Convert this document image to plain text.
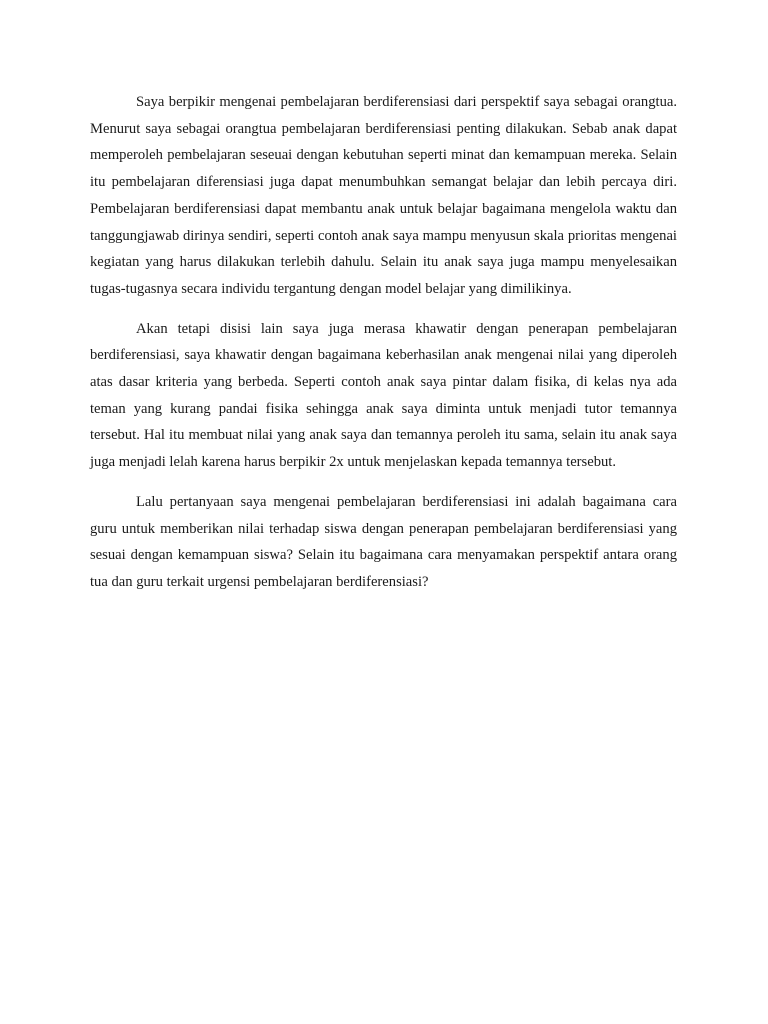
Saya berpikir mengenai pembelajaran berdiferensiasi dari perspektif saya sebagai orangtua. Menurut saya sebagai orangtua pembelajaran berdiferensiasi penting dilakukan. Sebab anak dapat memperoleh pembelajaran seseuai dengan kebutuhan seperti minat dan kemampuan mereka. Selain itu pembelajaran diferensiasi juga dapat menumbuhkan semangat belajar dan lebih percaya diri. Pembelajaran berdiferensiasi dapat membantu anak untuk belajar bagaimana mengelola waktu dan tanggungjawab dirinya sendiri, seperti contoh anak saya mampu menyusun skala prioritas mengenai kegiatan yang harus dilakukan terlebih dahulu. Selain itu anak saya juga mampu menyelesaikan tugas-tugasnya secara individu tergantung dengan model belajar yang dimilikinya.

Akan tetapi disisi lain saya juga merasa khawatir dengan penerapan pembelajaran berdiferensiasi, saya khawatir dengan bagaimana keberhasilan anak mengenai nilai yang diperoleh atas dasar kriteria yang berbeda. Seperti contoh anak saya pintar dalam fisika, di kelas nya ada teman yang kurang pandai fisika sehingga anak saya diminta untuk menjadi tutor temannya tersebut. Hal itu membuat nilai yang anak saya dan temannya peroleh itu sama, selain itu anak saya juga menjadi lelah karena harus berpikir 2x untuk menjelaskan kepada temannya tersebut.

Lalu pertanyaan saya mengenai pembelajaran berdiferensiasi ini adalah bagaimana cara guru untuk memberikan nilai terhadap siswa dengan penerapan pembelajaran berdiferensiasi yang sesuai dengan kemampuan siswa? Selain itu bagaimana cara menyamakan perspektif antara orang tua dan guru terkait urgensi pembelajaran berdiferensiasi?
